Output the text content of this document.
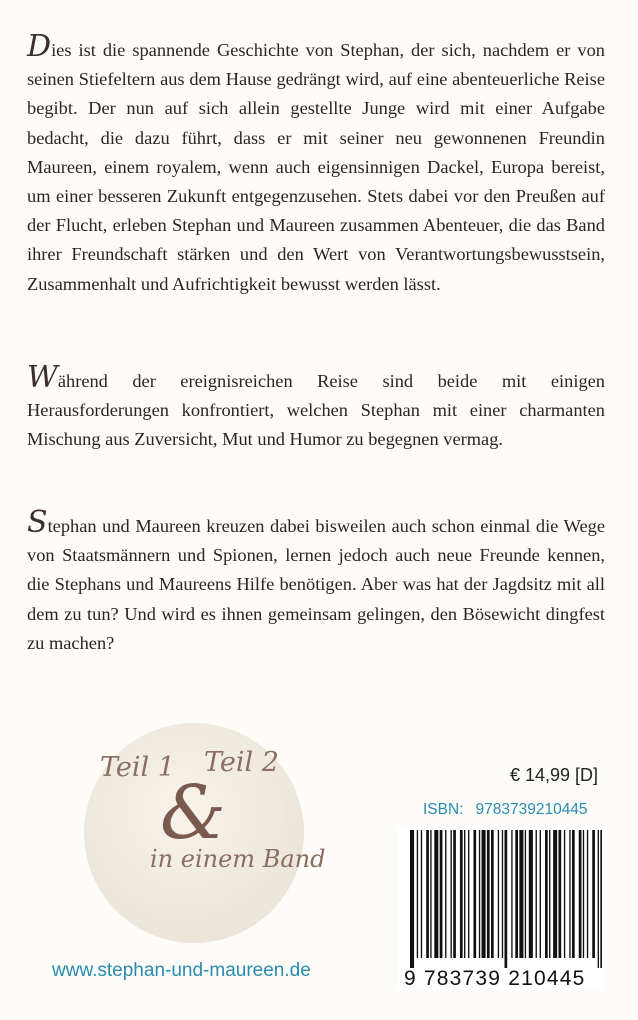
Dies ist die spannende Geschichte von Stephan, der sich, nachdem er von seinen Stiefeltern aus dem Hause gedrängt wird, auf eine abenteuerliche Reise begibt. Der nun auf sich allein gestellte Junge wird mit einer Aufgabe bedacht, die dazu führt, dass er mit seiner neu gewonnenen Freundin Maureen, einem royalem, wenn auch eigensinnigen Dackel, Europa bereist, um einer besseren Zukunft entgegenzusehen. Stets dabei vor den Preußen auf der Flucht, erleben Stephan und Maureen zusammen Abenteuer, die das Band ihrer Freundschaft stärken und den Wert von Verantwortungsbewusstsein, Zusammenhalt und Aufrichtigkeit bewusst werden lässt.

Während der ereignisreichen Reise sind beide mit einigen Herausforderungen konfrontiert, welchen Stephan mit einer charmanten Mischung aus Zuversicht, Mut und Humor zu begegnen vermag.

Stephan und Maureen kreuzen dabei bisweilen auch schon einmal die Wege von Staatsmännern und Spionen, lernen jedoch auch neue Freunde kennen, die Stephans und Maureens Hilfe benötigen. Aber was hat der Jagdsitz mit all dem zu tun? Und wird es ihnen gemeinsam gelingen, den Bösewicht dingfest zu machen?

Teil 1 Teil 2
&
in einem Band
€ 14,99 [D]
ISBN: 9783739210445
9 783739 210445
www.stephan-und-maureen.de
